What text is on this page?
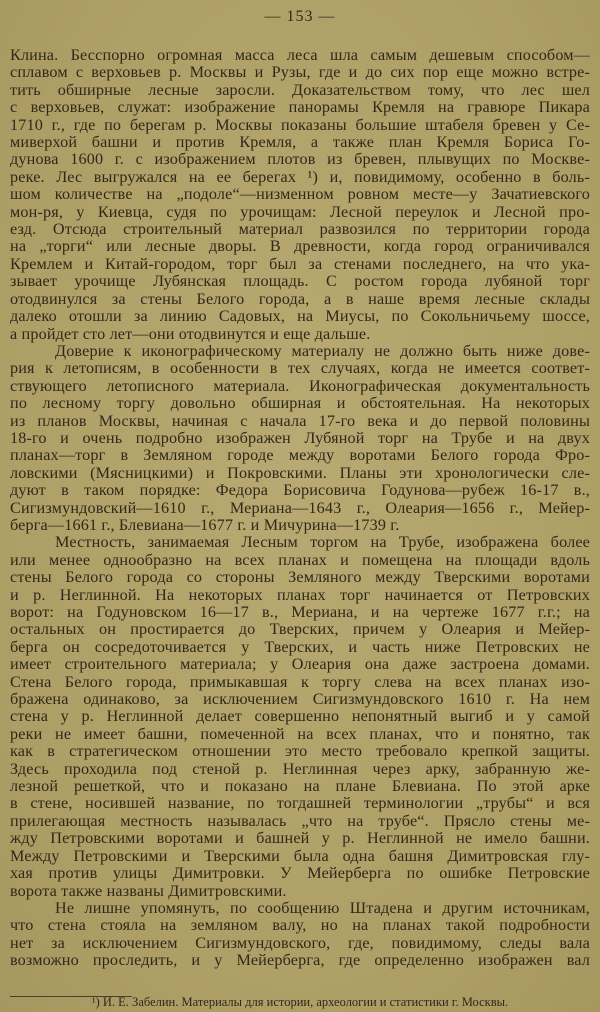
— 153 —
Клина. Бесспорно огромная масса леса шла самым дешевым способом—
сплавом с верховьев р. Москвы и Рузы, где и до сих пор еще можно встре-
тить обширные лесные заросли. Доказательством тому, что лес шел
с верховьев, служат: изображение панорамы Кремля на гравюре Пикара
1710 г., где по берегам р. Москвы показаны большие штабеля бревен у Се-
миверхой башни и против Кремля, а также план Кремля Бориса Го-
дунова 1600 г. с изображением плотов из бревен, плывущих по Москве-
реке. Лес выгружался на ее берегах ¹) и, повидимому, особенно в боль-
шом количестве на „подоле“—низменном ровном месте—у Зачатиевского
мон-ря, у Киевца, судя по урочищам: Лесной переулок и Лесной про-
езд. Отсюда строительный материал развозился по территории города
на „торги“ или лесные дворы. В древности, когда город ограничивался
Кремлем и Китай-городом, торг был за стенами последнего, на что ука-
зывает урочище Лубянская площадь. С ростом города лубяной торг
отодвинулся за стены Белого города, а в наше время лесные склады
далеко отошли за линию Садовых, на Миусы, по Сокольничьему шоссе,
а пройдет сто лет—они отодвинутся и еще дальше.
Доверие к иконографическому материалу не должно быть ниже дове-
рия к летописям, в особенности в тех случаях, когда не имеется соответ-
ствующего летописного материала. Иконографическая документальность
по лесному торгу довольно обширная и обстоятельная. На некоторых
из планов Москвы, начиная с начала 17-го века и до первой половины
18-го и очень подробно изображен Лубяной торг на Трубе и на двух
планах—торг в Земляном городе между воротами Белого города Фро-
ловскими (Мясницкими) и Покровскими. Планы эти хронологически сле-
дуют в таком порядке: Федора Борисовича Годунова—рубеж 16-17 в.,
Сигизмундовский—1610 г., Мериана—1643 г., Олеария—1656 г., Мейер-
берга—1661 г., Блевиана—1677 г. и Мичурина—1739 г.
Местность, занимаемая Лесным торгом на Трубе, изображена более
или менее однообразно на всех планах и помещена на площади вдоль
стены Белого города со стороны Земляного между Тверскими воротами
и р. Неглинной. На некоторых планах торг начинается от Петровских
ворот: на Годуновском 16—17 в., Мериана, и на чертеже 1677 г.г.; на
остальных он простирается до Тверских, причем у Олеария и Мейер-
берга он сосредоточивается у Тверских, и часть ниже Петровских не
имеет строительного материала; у Олеария она даже застроена домами.
Стена Белого города, примыкавшая к торгу слева на всех планах изо-
бражена одинаково, за исключением Сигизмундовского 1610 г. На нем
стена у р. Неглинной делает совершенно непонятный выгиб и у самой
реки не имеет башни, помеченной на всех планах, что и понятно, так
как в стратегическом отношении это место требовало крепкой защиты.
Здесь проходила под стеной р. Неглинная через арку, забранную же-
лезной решеткой, что и показано на плане Блевиана. По этой арке
в стене, носившей название, по тогдашней терминологии „трубы“ и вся
прилегающая местность называлась „что на трубе“. Прясло стены ме-
жду Петровскими воротами и башней у р. Неглинной не имело башни.
Между Петровскими и Тверскими была одна башня Димитровская глу-
хая против улицы Димитровки. У Мейерберга по ошибке Петровские
ворота также названы Димитровскими.
Не лишне упомянуть, по сообщению Штадена и другим источникам,
что стена стояла на земляном валу, но на планах такой подробности
нет за исключением Сигизмундовского, где, повидимому, следы вала
возможно проследить, и у Мейерберга, где определенно изображен вал
¹) И. Е. Забелин. Материалы для истории, археологии и статистики г. Москвы.
